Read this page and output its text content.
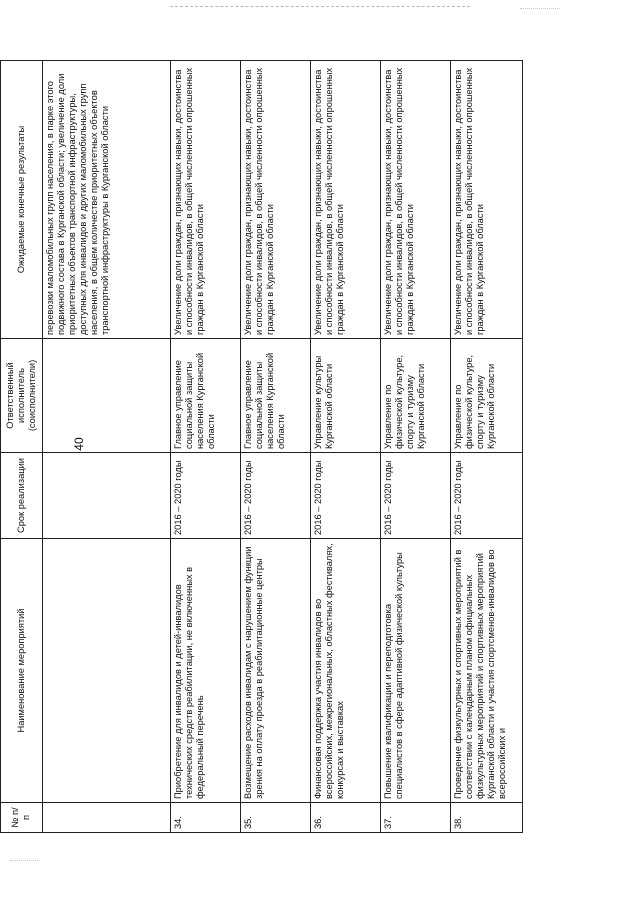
40
№ п/п	Наименование мероприятий	Срок реализации	Ответственный исполнитель (соисполнители)	Ожидаемые конечные результаты
				перевозки маломобильных групп населения, в парке этого подвижного состава в Курганской области; увеличение доли приоритетных объектов транспортной инфраструктуры, доступных для инвалидов и других маломобильных групп населения, в общем количестве приоритетных объектов транспортной инфраструктуры в Курганской области
34.	Приобретение для инвалидов и детей-инвалидов технических средств реабилитации, не включенных в федеральный перечень	2016 – 2020 годы	Главное управление социальной защиты населения Курганской области	Увеличение доли граждан, признающих навыки, достоинства и способности инвалидов, в общей численности опрошенных граждан в Курганской области
35.	Возмещение расходов инвалидам с нарушением функции зрения на оплату проезда в реабилитационные центры	2016 – 2020 годы	Главное управление социальной защиты населения Курганской области	Увеличение доли граждан, признающих навыки, достоинства и способности инвалидов, в общей численности опрошенных граждан в Курганской области
36.	Финансовая поддержка участия инвалидов во всероссийских, межрегиональных, областных фестивалях, конкурсах и выставках	2016 – 2020 годы	Управление культуры Курганской области	Увеличение доли граждан, признающих навыки, достоинства и способности инвалидов, в общей численности опрошенных граждан в Курганской области
37.	Повышение квалификации и переподготовка специалистов в сфере адаптивной физической культуры	2016 – 2020 годы	Управление по физической культуре, спорту и туризму Курганской области	Увеличение доли граждан, признающих навыки, достоинства и способности инвалидов, в общей численности опрошенных граждан в Курганской области
38.	Проведение физкультурных и спортивных мероприятий в соответствии с календарным планом официальных физкультурных мероприятий и спортивных мероприятий Курганской области и участия спортсменов-инвалидов во всероссийских и	2016 – 2020 годы	Управление по физической культуре, спорту и туризму Курганской области	Увеличение доли граждан, признающих навыки, достоинства и способности инвалидов, в общей численности опрошенных граждан в Курганской области
